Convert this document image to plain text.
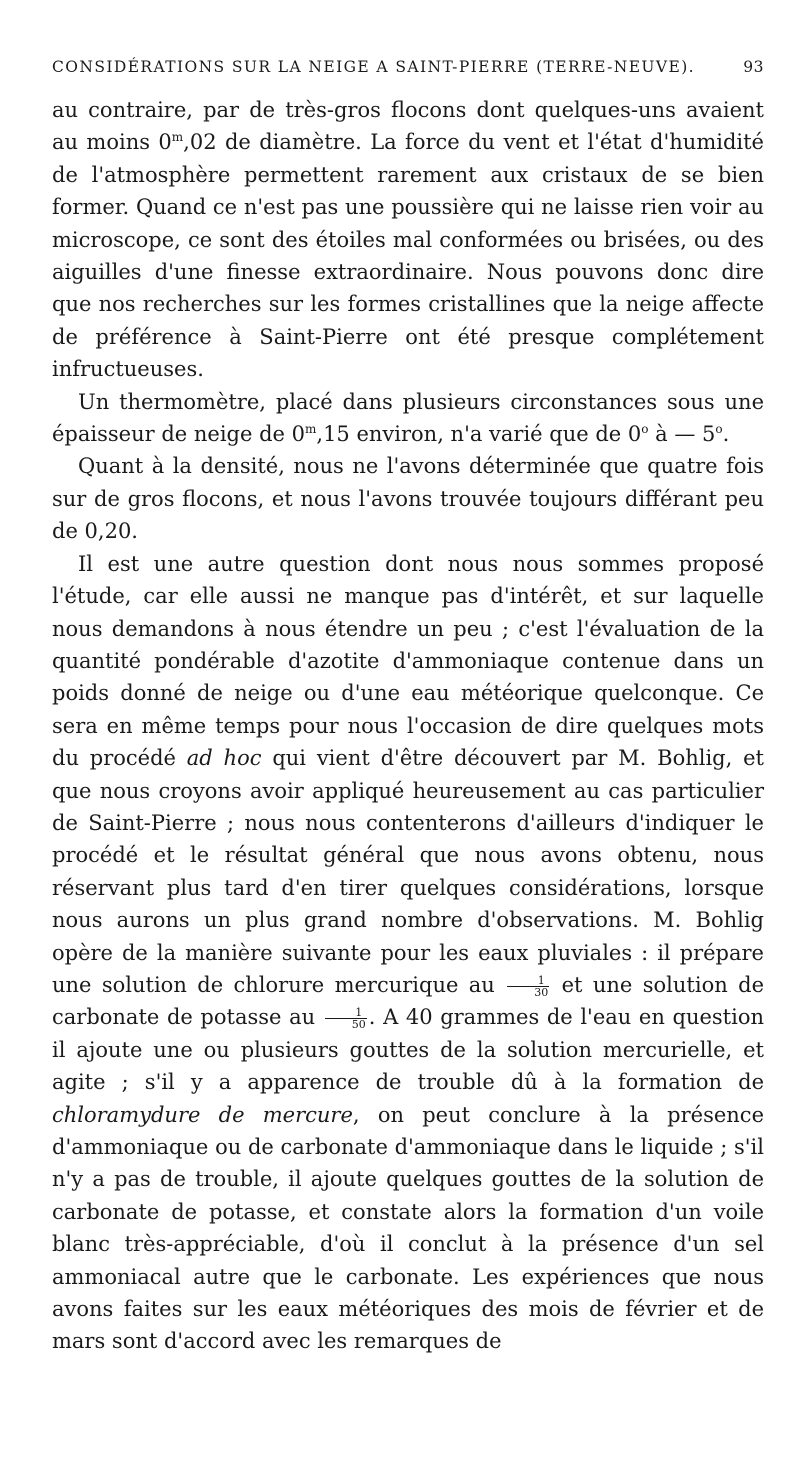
CONSIDÉRATIONS SUR LA NEIGE A SAINT-PIERRE (TERRE-NEUVE).	93

au contraire, par de très-gros flocons dont quelques-uns avaient au moins 0$^m$,02 de diamètre. La force du vent et l'état d'humidité de l'atmosphère permettent rarement aux cristaux de se bien former. Quand ce n'est pas une poussière qui ne laisse rien voir au microscope, ce sont des étoiles mal conformées ou brisées, ou des aiguilles d'une finesse extraordinaire. Nous pouvons donc dire que nos recherches sur les formes cristallines que la neige affecte de préférence à Saint-Pierre ont été presque complétement infructueuses.

Un thermomètre, placé dans plusieurs circonstances sous une épaisseur de neige de 0$^m$,15 environ, n'a varié que de 0$^o$ à — 5$^o$.

Quant à la densité, nous ne l'avons déterminée que quatre fois sur de gros flocons, et nous l'avons trouvée toujours différant peu de 0,20.

Il est une autre question dont nous nous sommes proposé l'étude, car elle aussi ne manque pas d'intérêt, et sur laquelle nous demandons à nous étendre un peu ; c'est l'évaluation de la quantité pondérable d'azotite d'ammoniaque contenue dans un poids donné de neige ou d'une eau météorique quelconque. Ce sera en même temps pour nous l'occasion de dire quelques mots du procédé ad hoc qui vient d'être découvert par M. Bohlig, et que nous croyons avoir appliqué heureusement au cas particulier de Saint-Pierre ; nous nous contenterons d'ailleurs d'indiquer le procédé et le résultat général que nous avons obtenu, nous réservant plus tard d'en tirer quelques considérations, lorsque nous aurons un plus grand nombre d'observations. M. Bohlig opère de la manière suivante pour les eaux pluviales : il prépare une solution de chlorure mercurique au $\frac{1}{30}$ et une solution de carbonate de potasse au $\frac{1}{50}$ . A 40 grammes de l'eau en question il ajoute une ou plusieurs gouttes de la solution mercurielle, et agite ; s'il y a apparence de trouble dû à la formation de chloramydure de mercure, on peut conclure à la présence d'ammoniaque ou de carbonate d'ammoniaque dans le liquide ; s'il n'y a pas de trouble, il ajoute quelques gouttes de la solution de carbonate de potasse, et constate alors la formation d'un voile blanc très-appréciable, d'où il conclut à la présence d'un sel ammoniacal autre que le carbonate. Les expériences que nous avons faites sur les eaux météoriques des mois de février et de mars sont d'accord avec les remarques de
